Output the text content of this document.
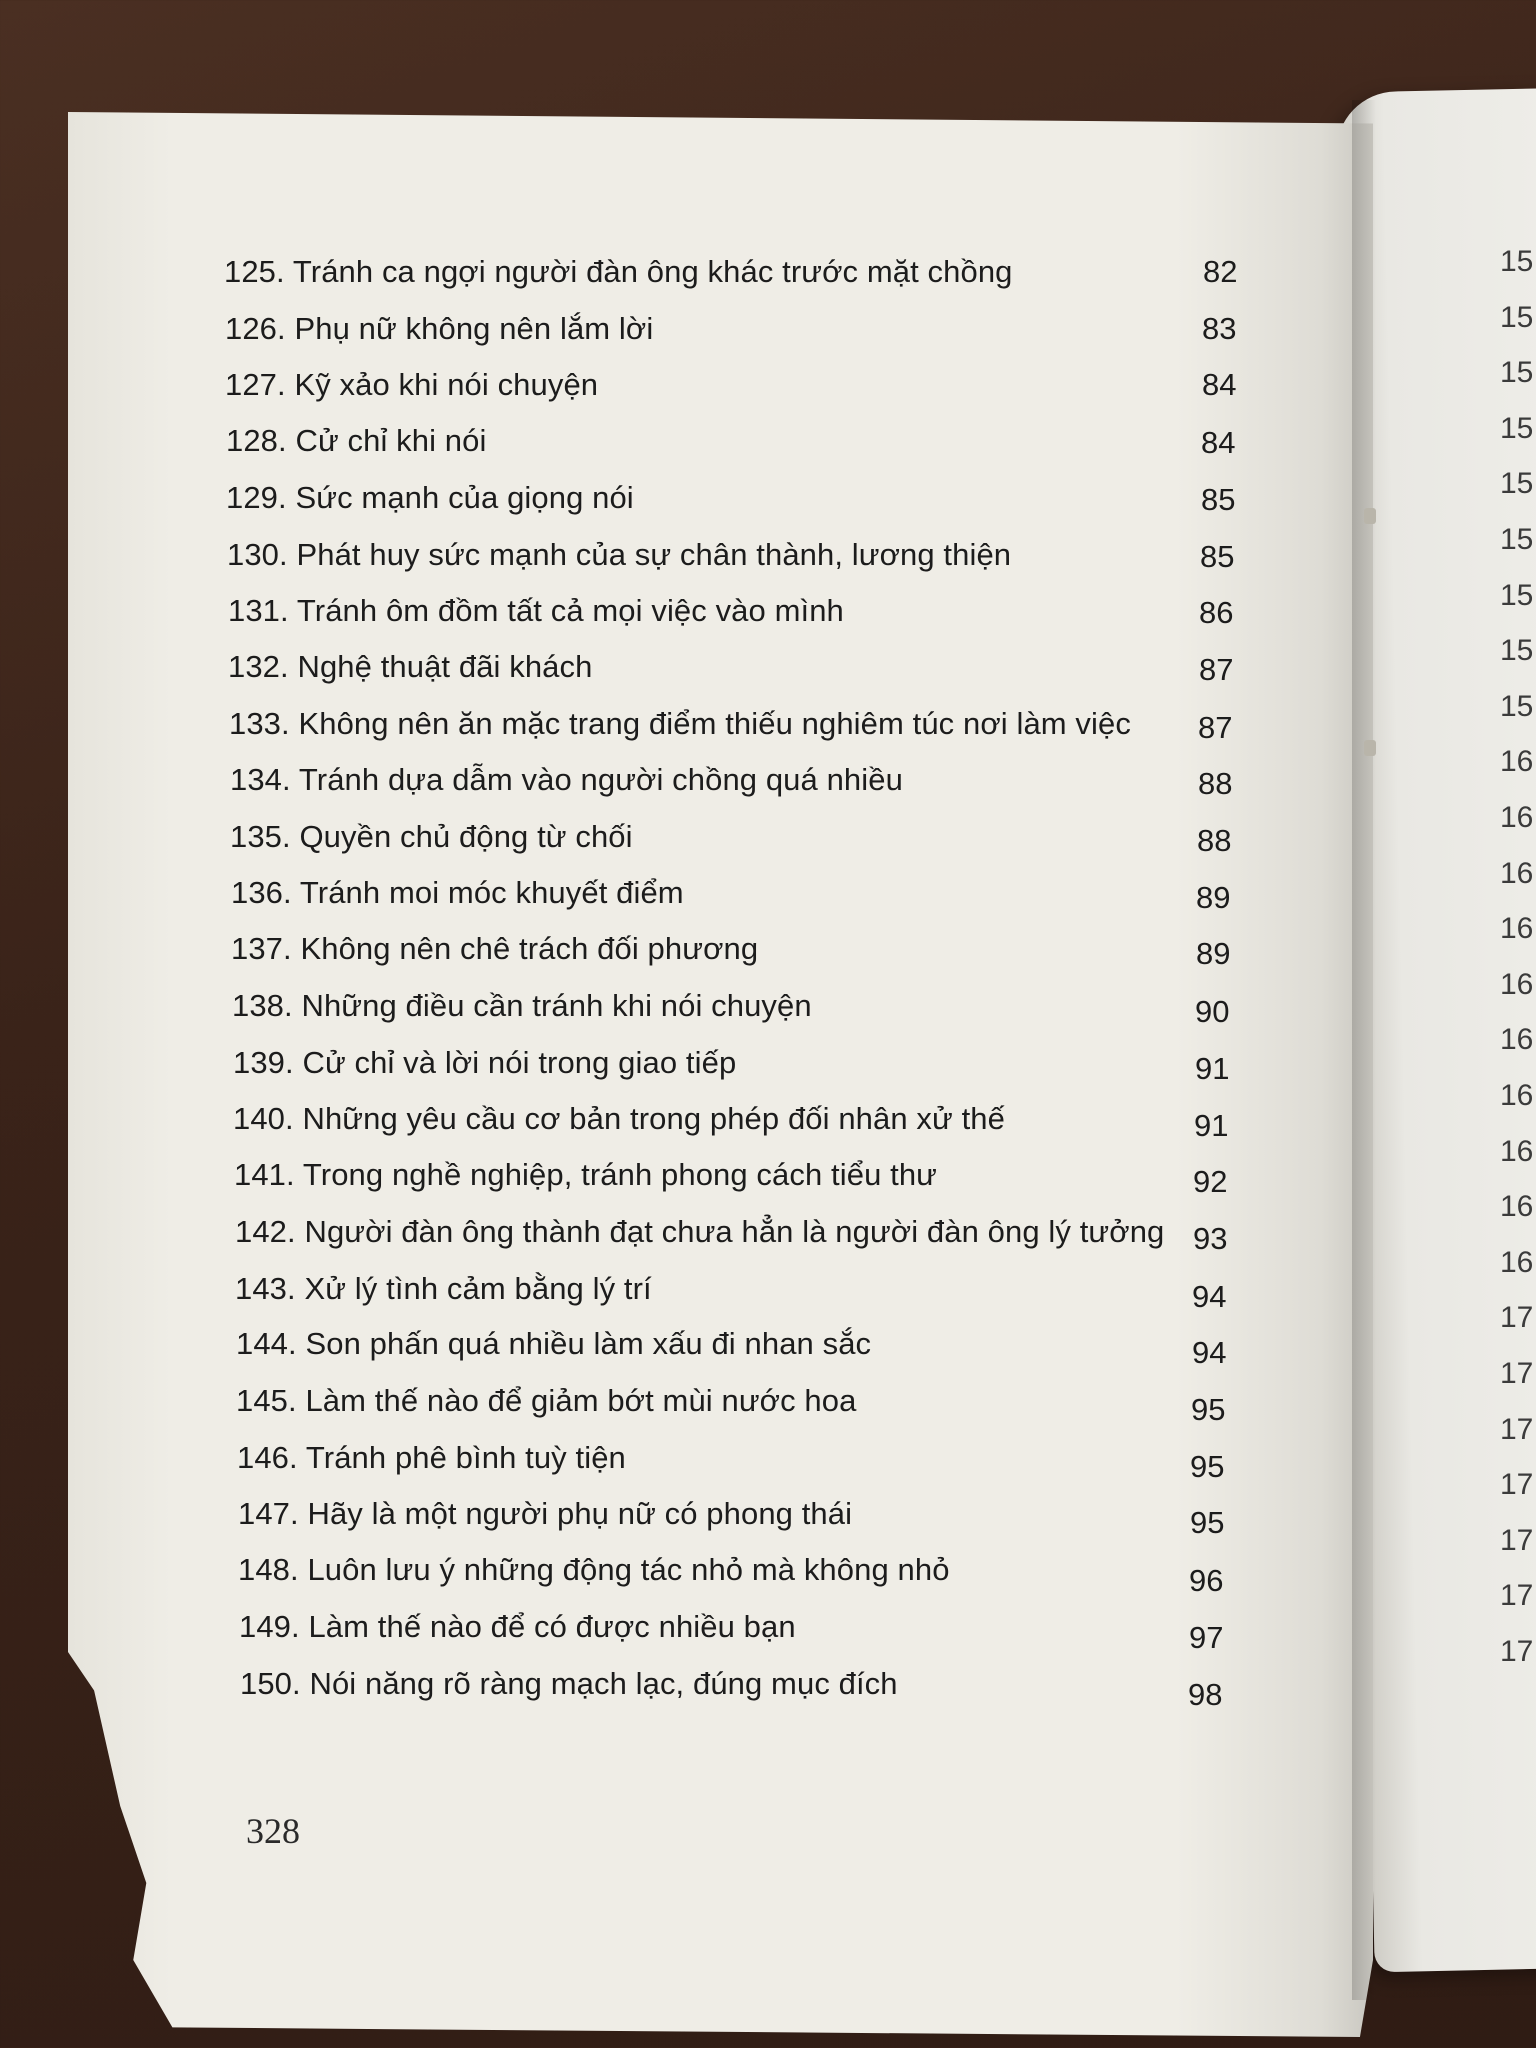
15
15
15
15
15
15
15
15
15
16
16
16
16
16
16
16
16
16
16
17
17
17
17
17
17
17
125. Tránh ca ngợi người đàn ông khác trước mặt chồng	82
126. Phụ nữ không nên lắm lời	83
127. Kỹ xảo khi nói chuyện	84
128. Cử chỉ khi nói	84
129. Sức mạnh của giọng nói	85
130. Phát huy sức mạnh của sự chân thành, lương thiện	85
131. Tránh ôm đồm tất cả mọi việc vào mình	86
132. Nghệ thuật đãi khách	87
133. Không nên ăn mặc trang điểm thiếu nghiêm túc nơi làm việc 87
134. Tránh dựa dẫm vào người chồng quá nhiều	88
135. Quyền chủ động từ chối	88
136. Tránh moi móc khuyết điểm	89
137. Không nên chê trách đối phương	89
138. Những điều cần tránh khi nói chuyện	90
139. Cử chỉ và lời nói trong giao tiếp	91
140. Những yêu cầu cơ bản trong phép đối nhân xử thế	91
141. Trong nghề nghiệp, tránh phong cách tiểu thư	92
142. Người đàn ông thành đạt chưa hẳn là người đàn ông lý tưởng 93
143. Xử lý tình cảm bằng lý trí	94
144. Son phấn quá nhiều làm xấu đi nhan sắc	94
145. Làm thế nào để giảm bớt mùi nước hoa	95
146. Tránh phê bình tuỳ tiện	95
147. Hãy là một người phụ nữ có phong thái	95
148. Luôn lưu ý những động tác nhỏ mà không nhỏ	96
149. Làm thế nào để có được nhiều bạn	97
150. Nói năng rõ ràng mạch lạc, đúng mục đích	98
328
